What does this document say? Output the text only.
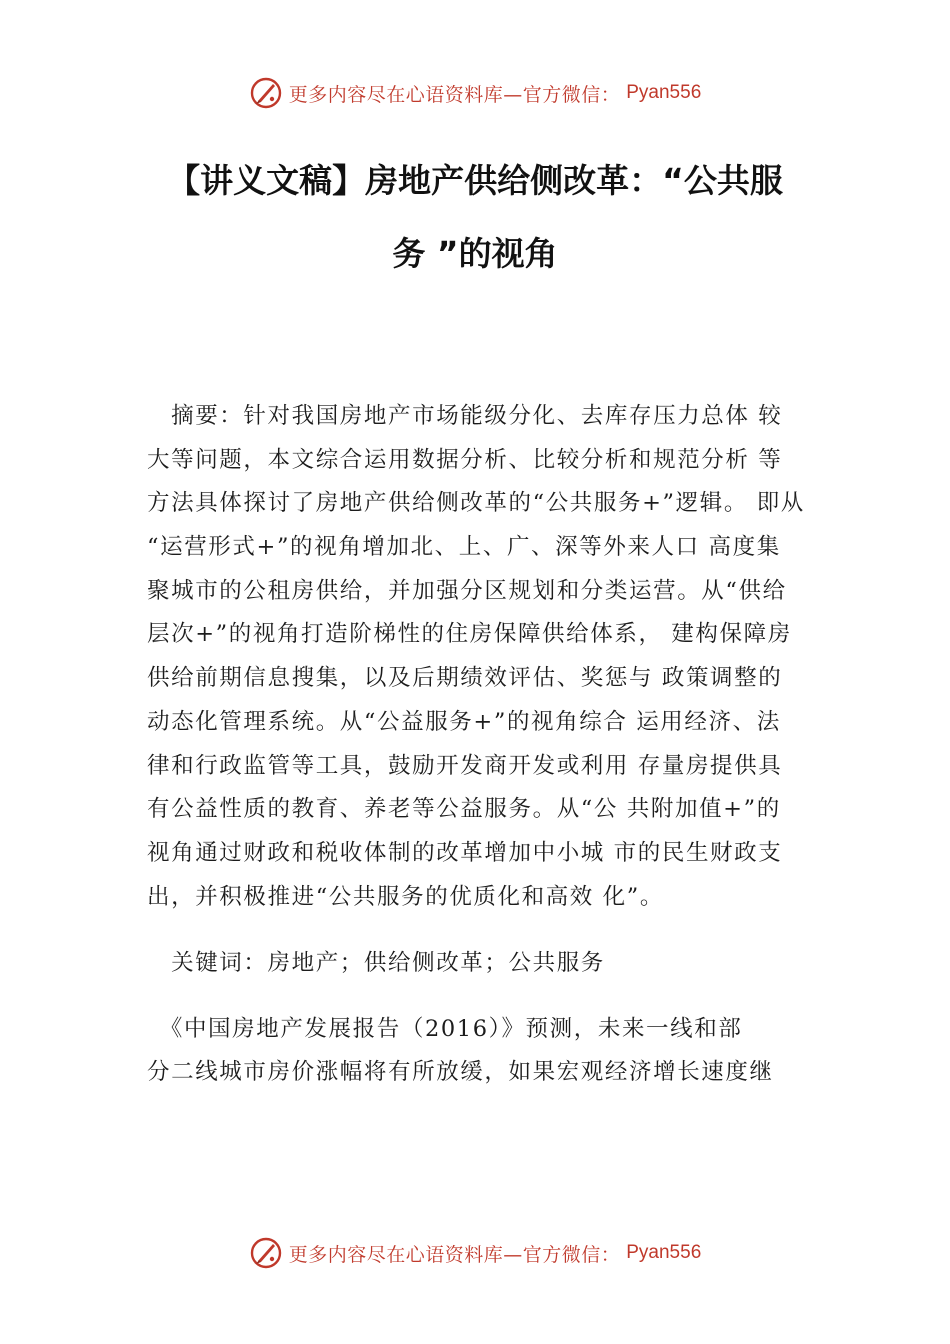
更多内容尽在心语资料库—官方微信： Pyan556
【讲义文稿】房地产供给侧改革：“公共服
务 ”的视角
　摘要：针对我国房地产市场能级分化、去库存压力总体 较
大等问题，本文综合运用数据分析、比较分析和规范分析 等
方法具体探讨了房地产供给侧改革的“公共服务+”逻辑。 即从
“运营形式+”的视角增加北、上、广、深等外来人口 高度集
聚城市的公租房供给，并加强分区规划和分类运营。从“供给
层次+”的视角打造阶梯性的住房保障供给体系， 建构保障房
供给前期信息搜集，以及后期绩效评估、奖惩与 政策调整的
动态化管理系统。从“公益服务+”的视角综合 运用经济、法
律和行政监管等工具，鼓励开发商开发或利用 存量房提供具
有公益性质的教育、养老等公益服务。从“公 共附加值+”的
视角通过财政和税收体制的改革增加中小城 市的民生财政支
出，并积极推进“公共服务的优质化和高效 化”。
　关键词：房地产；供给侧改革；公共服务
　《中国房地产发展报告（2016）》预测，未来一线和部
分二线城市房价涨幅将有所放缓，如果宏观经济增长速度继
更多内容尽在心语资料库—官方微信： Pyan556
